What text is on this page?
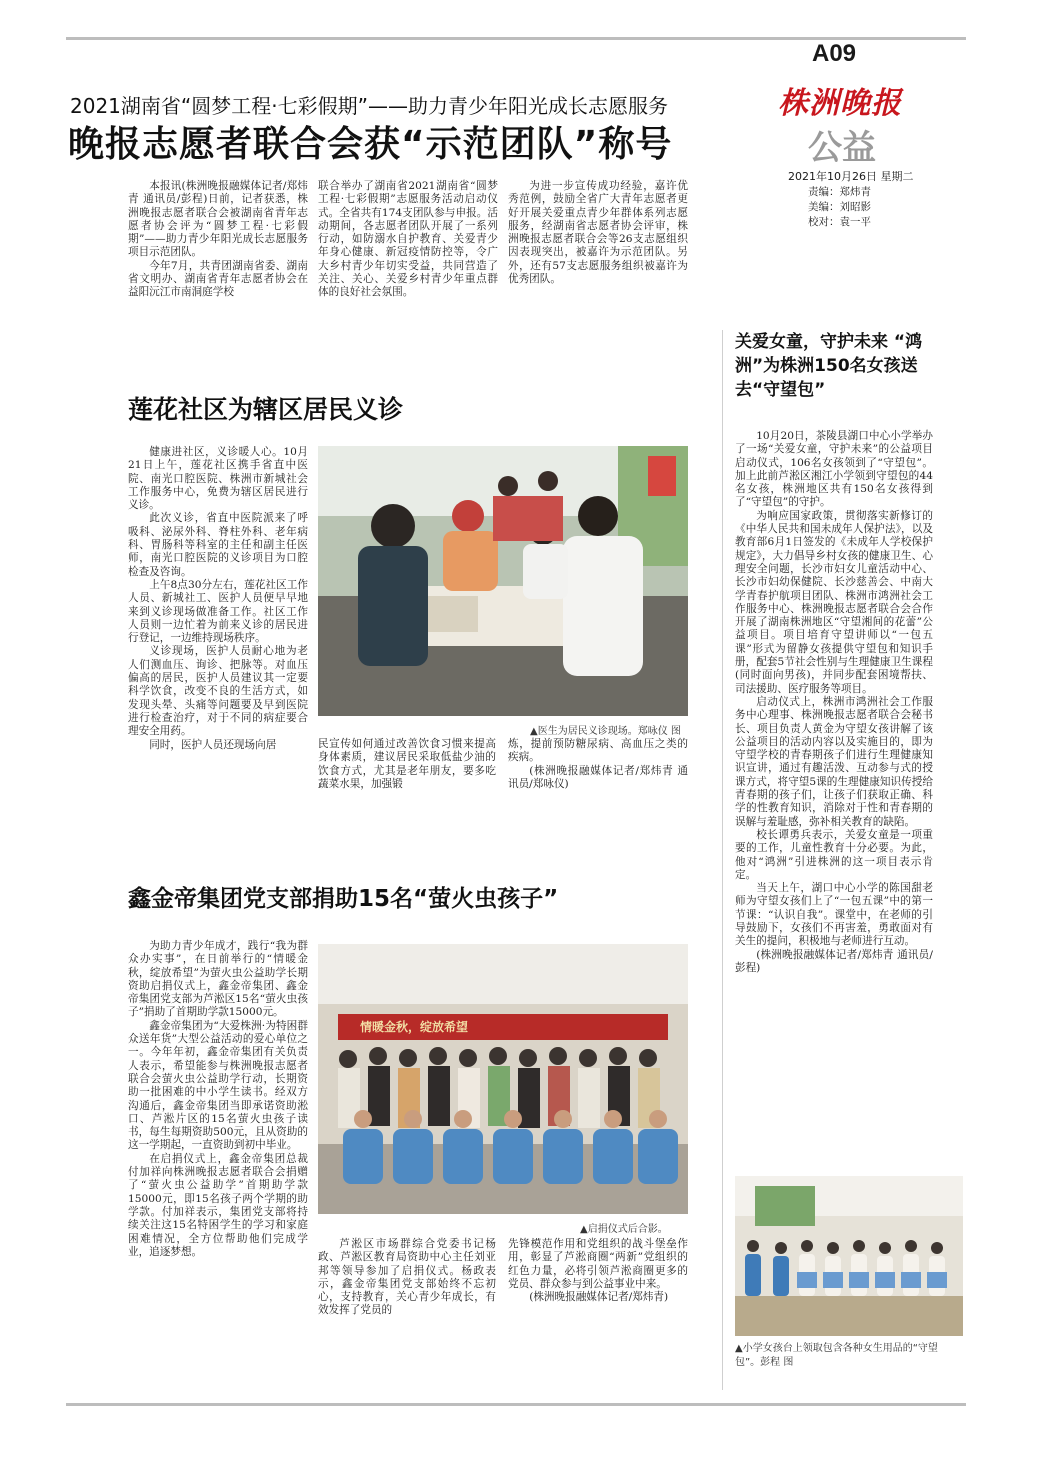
A09
株洲晚报
公益
2021年10月26日 星期二
责编：郑炜青
美编：刘昭影
校对：袁一平
2021湖南省“圆梦工程·七彩假期”——助力青少年阳光成长志愿服务
晚报志愿者联合会获“示范团队”称号

本报讯(株洲晚报融媒体记者/郑炜青 通讯员/彭程)日前，记者获悉，株洲晚报志愿者联合会被湖南省青年志愿者协会评为“圆梦工程·七彩假期”——助力青少年阳光成长志愿服务项目示范团队。

今年7月，共青团湖南省委、湖南省文明办、湖南省青年志愿者协会在益阳沅江市南洞庭学校

联合举办了湖南省2021湖南省“圆梦工程·七彩假期”志愿服务活动启动仪式。全省共有174支团队参与申报。活动期间，各志愿者团队开展了一系列行动，如防溺水自护教育、关爱青少年身心健康、新冠疫情防控等，令广大乡村青少年切实受益，共同营造了关注、关心、关爱乡村青少年重点群体的良好社会氛围。

为进一步宣传成功经验，嘉许优秀范例，鼓励全省广大青年志愿者更好开展关爱重点青少年群体系列志愿服务，经湖南省志愿者协会评审，株洲晚报志愿者联合会等26支志愿组织因表现突出，被嘉许为示范团队。另外，还有57支志愿服务组织被嘉许为优秀团队。

莲花社区为辖区居民义诊

健康进社区，义诊暖人心。10月21日上午，莲花社区携手省直中医院、南光口腔医院、株洲市新城社会工作服务中心，免费为辖区居民进行义诊。

此次义诊，省直中医院派来了呼吸科、泌尿外科、脊柱外科、老年病科、胃肠科等科室的主任和副主任医师，南光口腔医院的义诊项目为口腔检查及咨询。

上午8点30分左右，莲花社区工作人员、新城社工、医护人员便早早地来到义诊现场做准备工作。社区工作人员则一边忙着为前来义诊的居民进行登记，一边维持现场秩序。

义诊现场，医护人员耐心地为老人们测血压、询诊、把脉等。对血压偏高的居民，医护人员建议其一定要科学饮食，改变不良的生活方式，如发现头晕、头痛等问题要及早到医院进行检查治疗，对于不同的病症要合理安全用药。

同时，医护人员还现场向居

▲医生为居民义诊现场。郑咏仪 图

民宣传如何通过改善饮食习惯来提高身体素质，建议居民采取低盐少油的饮食方式，尤其是老年朋友，要多吃蔬菜水果，加强锻

炼，提前预防糖尿病、高血压之类的疾病。

(株洲晚报融媒体记者/郑炜青 通讯员/郑咏仪)

鑫金帝集团党支部捐助15名“萤火虫孩子”

为助力青少年成才，践行“我为群众办实事”，在日前举行的“情暖金秋，绽放希望”为萤火虫公益助学长期资助启捐仪式上，鑫金帝集团、鑫金帝集团党支部为芦淞区15名“萤火虫孩子”捐助了首期助学款15000元。

鑫金帝集团为“大爱株洲·为特困群众送年货”大型公益活动的爱心单位之一。今年年初，鑫金帝集团有关负责人表示，希望能参与株洲晚报志愿者联合会萤火虫公益助学行动，长期资助一批困难的中小学生读书。经双方沟通后，鑫金帝集团当即承诺资助淞口、芦淞片区的15名萤火虫孩子读书，每生每期资助500元，且从资助的这一学期起，一直资助到初中毕业。

在启捐仪式上，鑫金帝集团总裁付加祥向株洲晚报志愿者联合会捐赠了“萤火虫公益助学”首期助学款15000元，即15名孩子两个学期的助学款。付加祥表示，集团党支部将持续关注这15名特困学生的学习和家庭困难情况，全方位帮助他们完成学业，追逐梦想。

情暖金秋，绽放希望
▲启捐仪式后合影。

芦淞区市场群综合党委书记杨政、芦淞区教育局资助中心主任刘亚邦等领导参加了启捐仪式。杨政表示，鑫金帝集团党支部始终不忘初心，支持教育，关心青少年成长，有效发挥了党员的

先锋模范作用和党组织的战斗堡垒作用，彰显了芦淞商圈“两新”党组织的红色力量，必将引领芦淞商圈更多的党员、群众参与到公益事业中来。

(株洲晚报融媒体记者/郑炜青)

关爱女童，守护未来 “鸿洲”为株洲150名女孩送去“守望包”

10月20日，茶陵县湖口中心小学举办了一场“关爱女童，守护未来”的公益项目启动仪式，106名女孩领到了“守望包”。加上此前芦淞区湘江小学领到守望包的44名女孩，株洲地区共有150名女孩得到了“守望包”的守护。

为响应国家政策，贯彻落实新修订的《中华人民共和国未成年人保护法》，以及教育部6月1日签发的《未成年人学校保护规定》，大力倡导乡村女孩的健康卫生、心理安全问题，长沙市妇女儿童活动中心、长沙市妇幼保健院、长沙慈善会、中南大学青春护航项目团队、株洲市鸿洲社会工作服务中心、株洲晚报志愿者联合会合作开展了湖南株洲地区“守望湘间的花蕾”公益项目。项目培育守望讲师以“一包五课”形式为留静女孩提供守望包和知识手册，配套5节社会性别与生理健康卫生课程(同时面向男孩)，并同步配套困境帮扶、司法援助、医疗服务等项目。

启动仪式上，株洲市鸿洲社会工作服务中心理事、株洲晚报志愿者联合会秘书长、项目负责人黄金为守望女孩讲解了该公益项目的活动内容以及实施目的，即为守望学校的青春期孩子们进行生理健康知识宣讲，通过有趣活泼、互动参与式的授课方式，将守望5课的生理健康知识传授给青春期的孩子们，让孩子们获取正确、科学的性教育知识，消除对于性和青春期的误解与羞耻感，弥补相关教育的缺陷。

校长谭勇兵表示，关爱女童是一项重要的工作，儿童性教育十分必要。为此，他对“鸿洲”引进株洲的这一项目表示肯定。

当天上午，湖口中心小学的陈国甜老师为守望女孩们上了“一包五课”中的第一节课：“认识自我”。课堂中，在老师的引导鼓励下，女孩们不再害羞，勇敢面对有关生的提问，积极地与老师进行互动。

(株洲晚报融媒体记者/郑炜青 通讯员/彭程)

▲小学女孩台上领取包含各种女生用品的“守望包”。彭程 图
